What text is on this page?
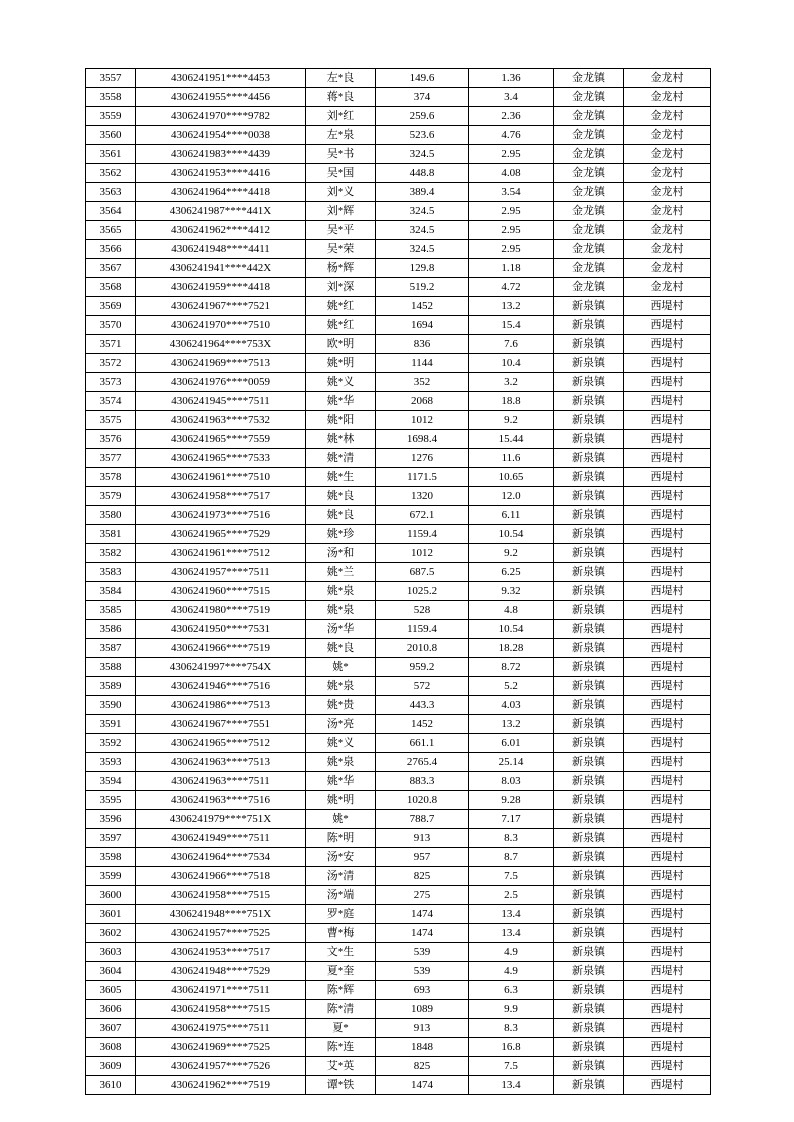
3557	4306241951****4453	左*良	149.6	1.36	金龙镇	金龙村
3558	4306241955****4456	蒋*良	374	3.4	金龙镇	金龙村
3559	4306241970****9782	刘*红	259.6	2.36	金龙镇	金龙村
3560	4306241954****0038	左*泉	523.6	4.76	金龙镇	金龙村
3561	4306241983****4439	吴*书	324.5	2.95	金龙镇	金龙村
3562	4306241953****4416	吴*国	448.8	4.08	金龙镇	金龙村
3563	4306241964****4418	刘*义	389.4	3.54	金龙镇	金龙村
3564	4306241987****441X	刘*辉	324.5	2.95	金龙镇	金龙村
3565	4306241962****4412	吴*平	324.5	2.95	金龙镇	金龙村
3566	4306241948****4411	吴*荣	324.5	2.95	金龙镇	金龙村
3567	4306241941****442X	杨*辉	129.8	1.18	金龙镇	金龙村
3568	4306241959****4418	刘*深	519.2	4.72	金龙镇	金龙村
3569	4306241967****7521	姚*红	1452	13.2	新泉镇	西堤村
3570	4306241970****7510	姚*红	1694	15.4	新泉镇	西堤村
3571	4306241964****753X	欧*明	836	7.6	新泉镇	西堤村
3572	4306241969****7513	姚*明	1144	10.4	新泉镇	西堤村
3573	4306241976****0059	姚*义	352	3.2	新泉镇	西堤村
3574	4306241945****7511	姚*华	2068	18.8	新泉镇	西堤村
3575	4306241963****7532	姚*阳	1012	9.2	新泉镇	西堤村
3576	4306241965****7559	姚*林	1698.4	15.44	新泉镇	西堤村
3577	4306241965****7533	姚*清	1276	11.6	新泉镇	西堤村
3578	4306241961****7510	姚*生	1171.5	10.65	新泉镇	西堤村
3579	4306241958****7517	姚*良	1320	12.0	新泉镇	西堤村
3580	4306241973****7516	姚*良	672.1	6.11	新泉镇	西堤村
3581	4306241965****7529	姚*珍	1159.4	10.54	新泉镇	西堤村
3582	4306241961****7512	汤*和	1012	9.2	新泉镇	西堤村
3583	4306241957****7511	姚*兰	687.5	6.25	新泉镇	西堤村
3584	4306241960****7515	姚*泉	1025.2	9.32	新泉镇	西堤村
3585	4306241980****7519	姚*泉	528	4.8	新泉镇	西堤村
3586	4306241950****7531	汤*华	1159.4	10.54	新泉镇	西堤村
3587	4306241966****7519	姚*良	2010.8	18.28	新泉镇	西堤村
3588	4306241997****754X	姚*	959.2	8.72	新泉镇	西堤村
3589	4306241946****7516	姚*泉	572	5.2	新泉镇	西堤村
3590	4306241986****7513	姚*贵	443.3	4.03	新泉镇	西堤村
3591	4306241967****7551	汤*亮	1452	13.2	新泉镇	西堤村
3592	4306241965****7512	姚*义	661.1	6.01	新泉镇	西堤村
3593	4306241963****7513	姚*泉	2765.4	25.14	新泉镇	西堤村
3594	4306241963****7511	姚*华	883.3	8.03	新泉镇	西堤村
3595	4306241963****7516	姚*明	1020.8	9.28	新泉镇	西堤村
3596	4306241979****751X	姚*	788.7	7.17	新泉镇	西堤村
3597	4306241949****7511	陈*明	913	8.3	新泉镇	西堤村
3598	4306241964****7534	汤*安	957	8.7	新泉镇	西堤村
3599	4306241966****7518	汤*清	825	7.5	新泉镇	西堤村
3600	4306241958****7515	汤*端	275	2.5	新泉镇	西堤村
3601	4306241948****751X	罗*庭	1474	13.4	新泉镇	西堤村
3602	4306241957****7525	曹*梅	1474	13.4	新泉镇	西堤村
3603	4306241953****7517	文*生	539	4.9	新泉镇	西堤村
3604	4306241948****7529	夏*奎	539	4.9	新泉镇	西堤村
3605	4306241971****7511	陈*辉	693	6.3	新泉镇	西堤村
3606	4306241958****7515	陈*清	1089	9.9	新泉镇	西堤村
3607	4306241975****7511	夏*	913	8.3	新泉镇	西堤村
3608	4306241969****7525	陈*连	1848	16.8	新泉镇	西堤村
3609	4306241957****7526	艾*英	825	7.5	新泉镇	西堤村
3610	4306241962****7519	谭*铁	1474	13.4	新泉镇	西堤村
